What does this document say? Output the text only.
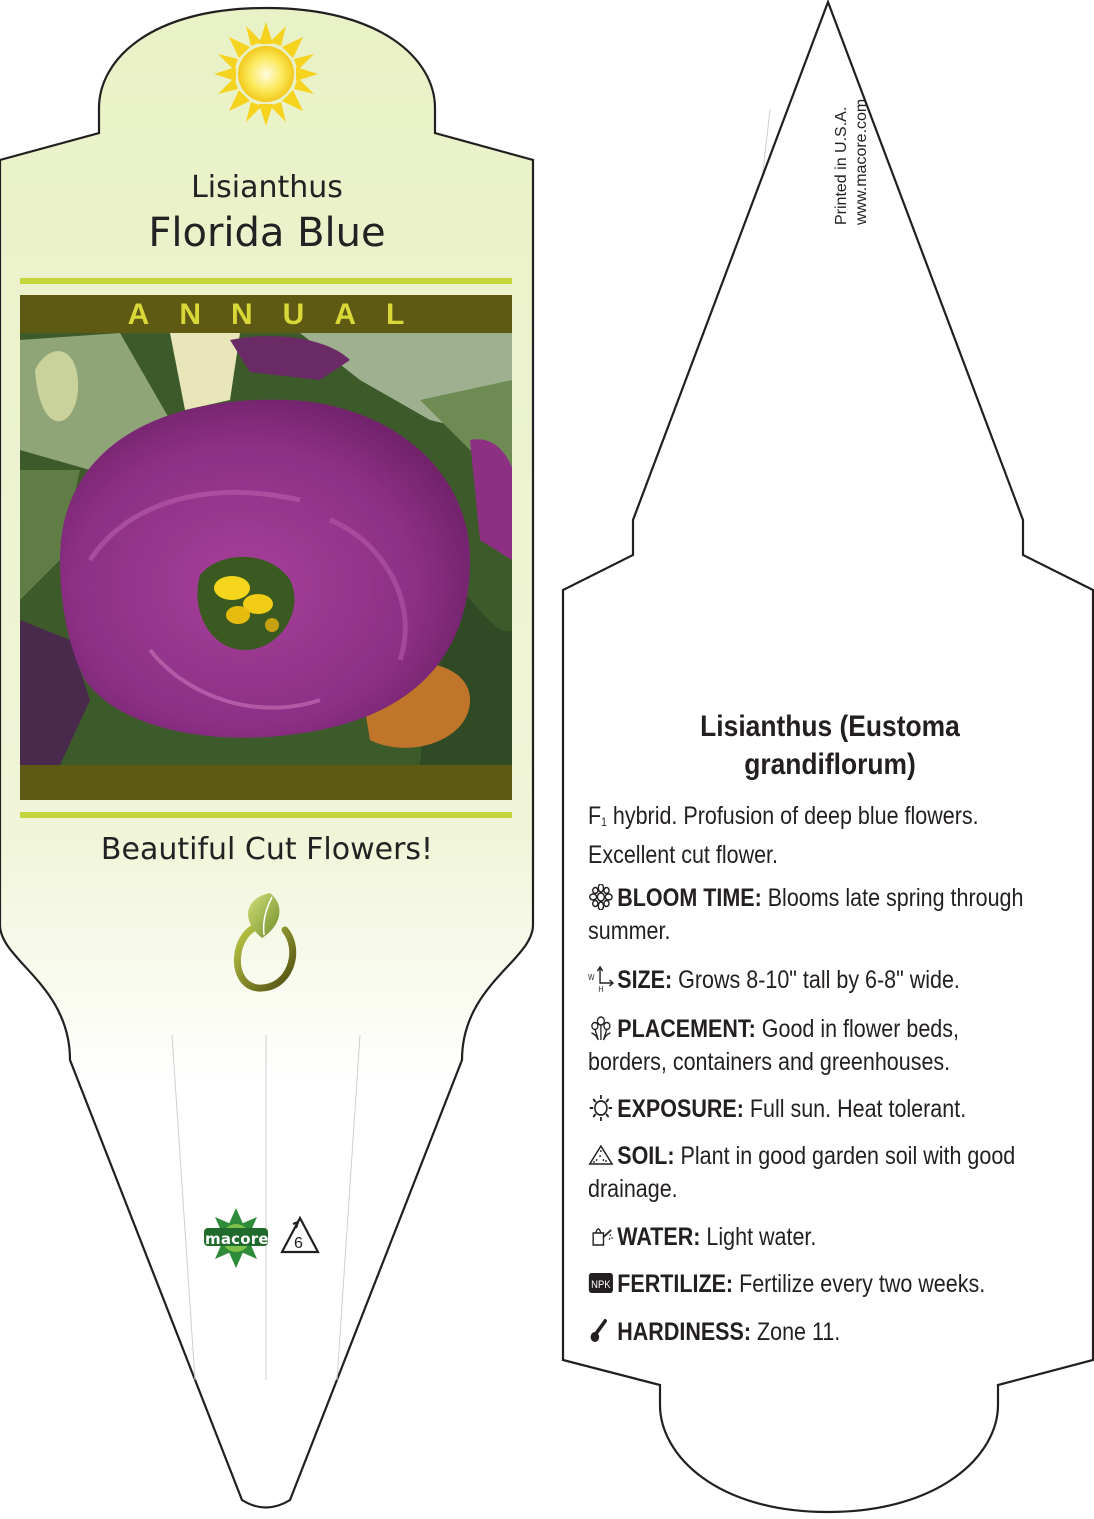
Lisianthus
Florida Blue
ANNUAL
Beautiful Cut Flowers!
macore 6
Printed in U.S.A. www.macore.com
Lisianthus (Eustoma grandiflorum)
F1 hybrid. Profusion of deep blue flowers. Excellent cut flower.
BLOOM TIME: Blooms late spring through summer.
W
H SIZE: Grows 8-10" tall by 6-8" wide.
PLACEMENT: Good in flower beds, borders, containers and greenhouses.
EXPOSURE: Full sun. Heat tolerant.
SOIL: Plant in good garden soil with good drainage.
WATER: Light water.
NPK FERTILIZE: Fertilize every two weeks.
HARDINESS: Zone 11.
